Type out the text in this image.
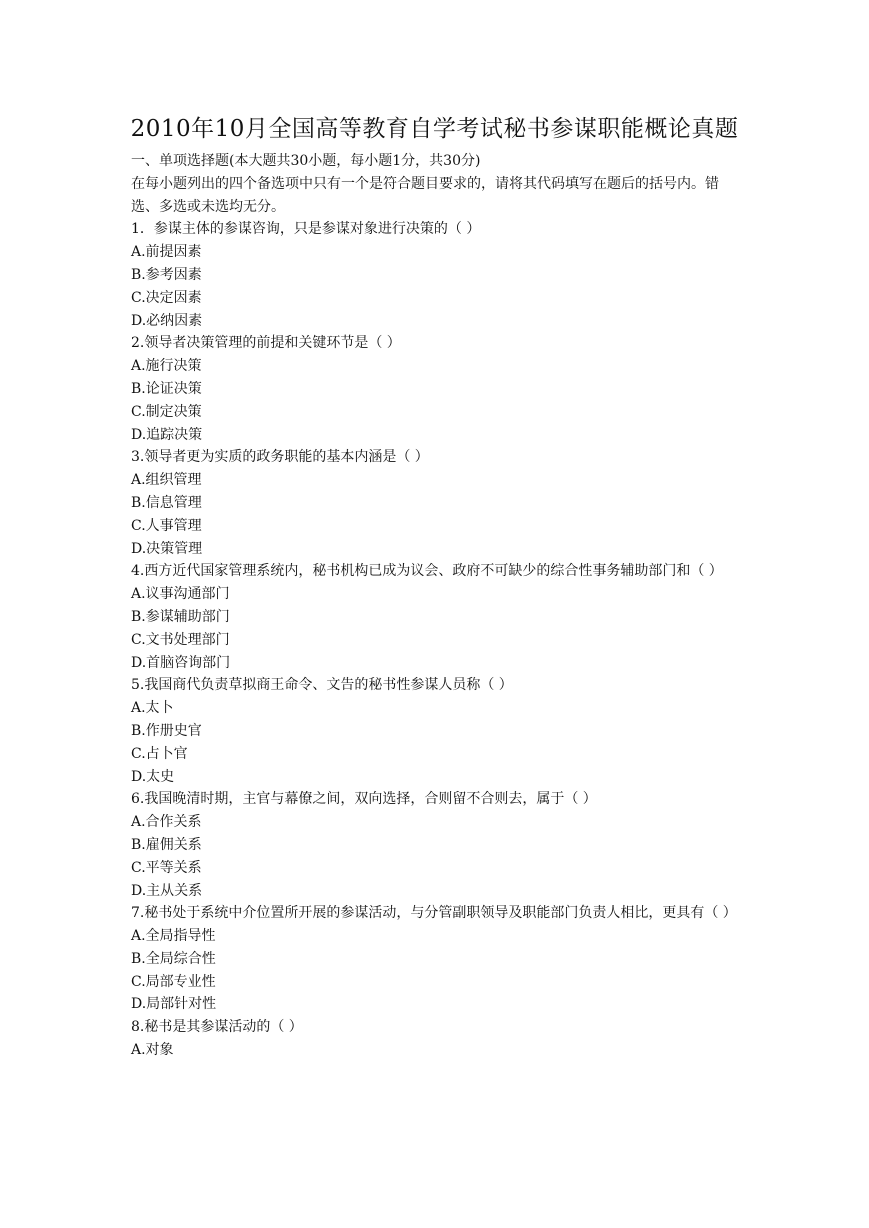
2010年10月全国高等教育自学考试秘书参谋职能概论真题
一、单项选择题(本大题共30小题，每小题1分，共30分)
在每小题列出的四个备选项中只有一个是符合题目要求的，请将其代码填写在题后的括号内。错选、多选或未选均无分。
1．参谋主体的参谋咨询，只是参谋对象进行决策的（ ）
A.前提因素
B.参考因素
C.决定因素
D.必纳因素
2.领导者决策管理的前提和关键环节是（ ）
A.施行决策
B.论证决策
C.制定决策
D.追踪决策
3.领导者更为实质的政务职能的基本内涵是（ ）
A.组织管理
B.信息管理
C.人事管理
D.决策管理
4.西方近代国家管理系统内，秘书机构已成为议会、政府不可缺少的综合性事务辅助部门和（ ）
A.议事沟通部门
B.参谋辅助部门
C.文书处理部门
D.首脑咨询部门
5.我国商代负责草拟商王命令、文告的秘书性参谋人员称（ ）
A.太卜
B.作册史官
C.占卜官
D.太史
6.我国晚清时期，主官与幕僚之间，双向选择，合则留不合则去，属于（ ）
A.合作关系
B.雇佣关系
C.平等关系
D.主从关系
7.秘书处于系统中介位置所开展的参谋活动，与分管副职领导及职能部门负责人相比，更具有（ ）
A.全局指导性
B.全局综合性
C.局部专业性
D.局部针对性
8.秘书是其参谋活动的（ ）
A.对象
